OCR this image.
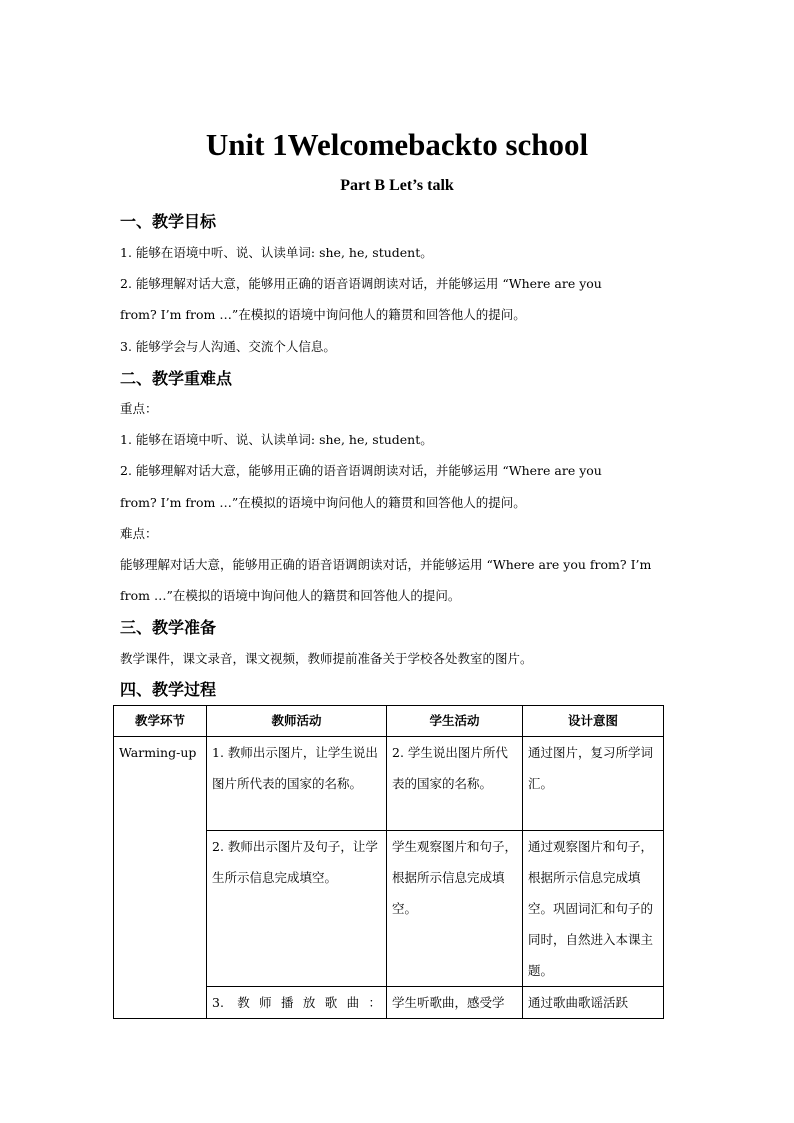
Unit 1Welcomebackto school
Part B Let’s talk
一、教学目标
1. 能够在语境中听、说、认读单词: she, he, student。
2. 能够理解对话大意，能够用正确的语音语调朗读对话，并能够运用 “Where are you
from? I’m from …”在模拟的语境中询问他人的籍贯和回答他人的提问。
3. 能够学会与人沟通、交流个人信息。
二、教学重难点
重点：
1. 能够在语境中听、说、认读单词: she, he, student。
2. 能够理解对话大意，能够用正确的语音语调朗读对话，并能够运用 “Where are you
from? I’m from …”在模拟的语境中询问他人的籍贯和回答他人的提问。
难点：
能够理解对话大意，能够用正确的语音语调朗读对话，并能够运用 “Where are you from? I’m
from …”在模拟的语境中询问他人的籍贯和回答他人的提问。
三、教学准备
教学课件，课文录音，课文视频，教师提前准备关于学校各处教室的图片。
四、教学过程
教学环节	教师活动	学生活动	设计意图
Warming-up	1. 教师出示图片，让学生说出图片所代表的国家的名称。	2. 学生说出图片所代表的国家的名称。	通过图片，复习所学词汇。
	2. 教师出示图片及句子，让学生所示信息完成填空。	学生观察图片和句子，根据所示信息完成填空。	通过观察图片和句子，根据所示信息完成填空。巩固词汇和句子的同时，自然进入本课主题。
	3. 教师播放歌曲：	学生听歌曲，感受学	通过歌曲歌谣活跃
